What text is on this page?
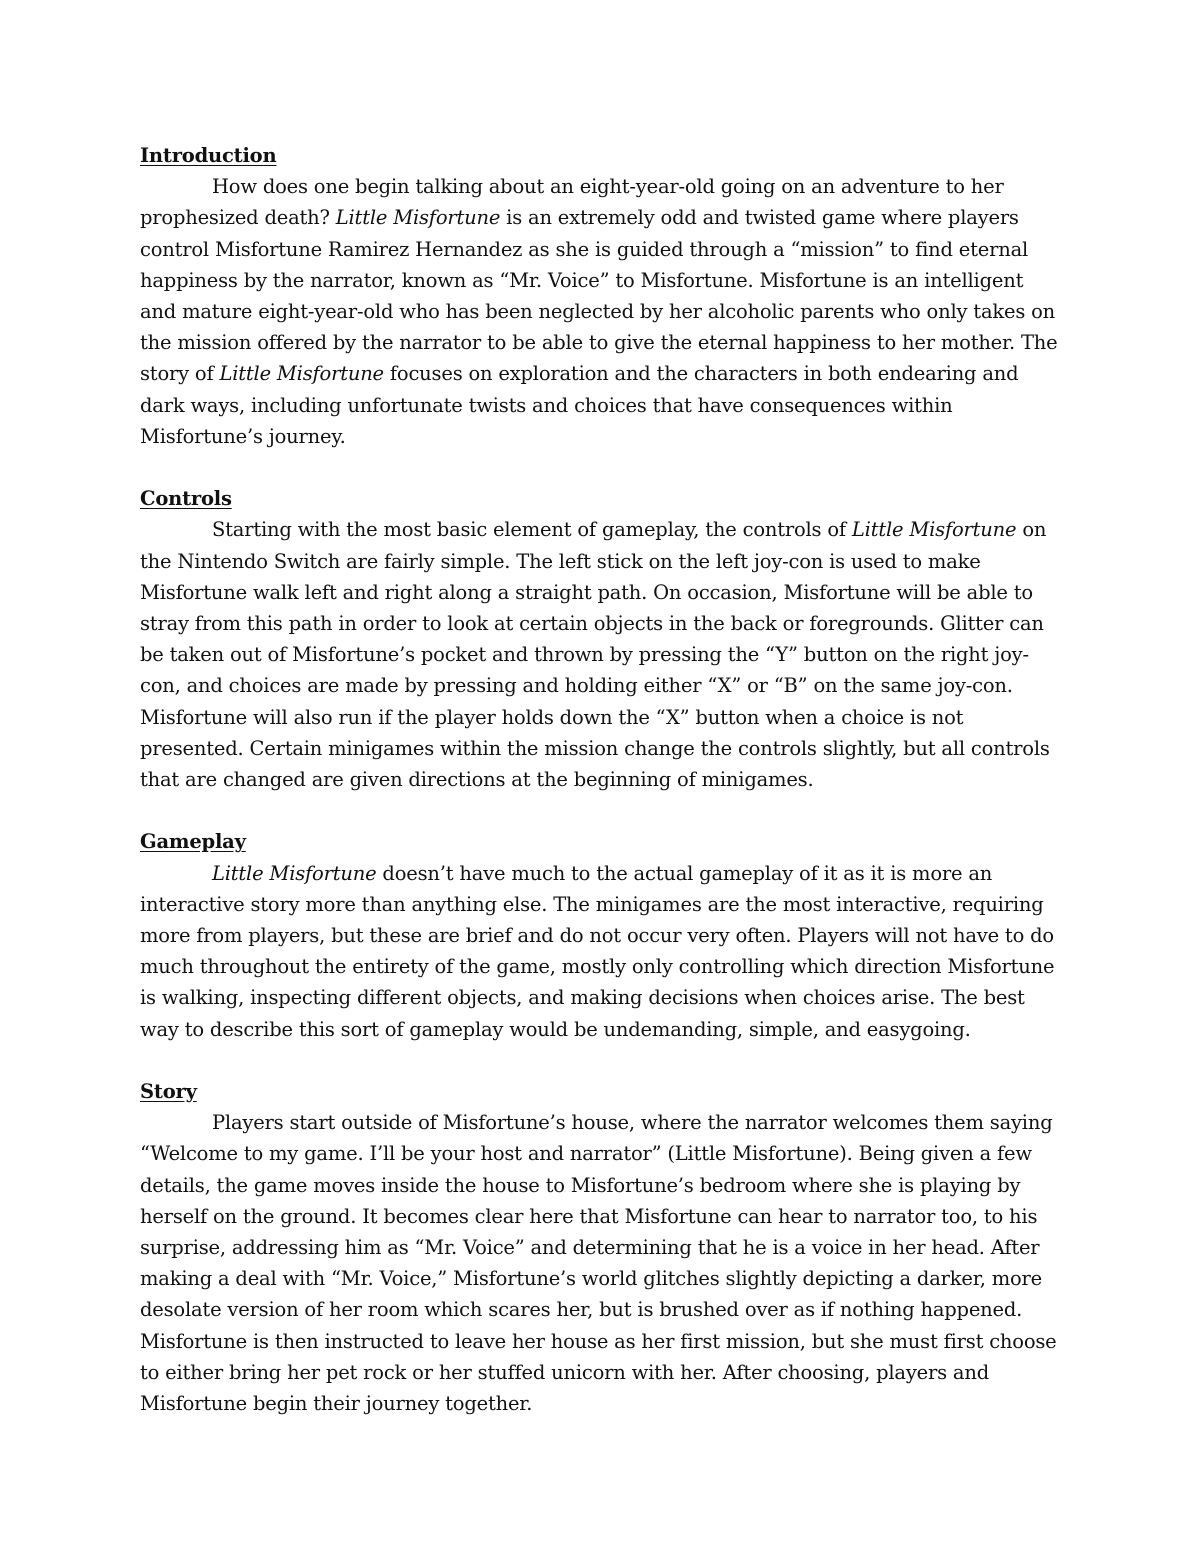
Introduction

How does one begin talking about an eight-year-old going on an adventure to her prophesized death? Little Misfortune is an extremely odd and twisted game where players control Misfortune Ramirez Hernandez as she is guided through a “mission” to find eternal happiness by the narrator, known as “Mr. Voice” to Misfortune. Misfortune is an intelligent and mature eight-year-old who has been neglected by her alcoholic parents who only takes on the mission offered by the narrator to be able to give the eternal happiness to her mother. The story of Little Misfortune focuses on exploration and the characters in both endearing and dark ways, including unfortunate twists and choices that have consequences within Misfortune’s journey.

Controls

Starting with the most basic element of gameplay, the controls of Little Misfortune on the Nintendo Switch are fairly simple. The left stick on the left joy-con is used to make Misfortune walk left and right along a straight path. On occasion, Misfortune will be able to stray from this path in order to look at certain objects in the back or foregrounds. Glitter can be taken out of Misfortune’s pocket and thrown by pressing the “Y” button on the right joy-con, and choices are made by pressing and holding either “X” or “B” on the same joy-con. Misfortune will also run if the player holds down the “X” button when a choice is not presented. Certain minigames within the mission change the controls slightly, but all controls that are changed are given directions at the beginning of minigames.

Gameplay

Little Misfortune doesn’t have much to the actual gameplay of it as it is more an interactive story more than anything else. The minigames are the most interactive, requiring more from players, but these are brief and do not occur very often. Players will not have to do much throughout the entirety of the game, mostly only controlling which direction Misfortune is walking, inspecting different objects, and making decisions when choices arise. The best way to describe this sort of gameplay would be undemanding, simple, and easygoing.

Story

Players start outside of Misfortune’s house, where the narrator welcomes them saying “Welcome to my game. I’ll be your host and narrator” (Little Misfortune). Being given a few details, the game moves inside the house to Misfortune’s bedroom where she is playing by herself on the ground. It becomes clear here that Misfortune can hear to narrator too, to his surprise, addressing him as “Mr. Voice” and determining that he is a voice in her head. After making a deal with “Mr. Voice,” Misfortune’s world glitches slightly depicting a darker, more desolate version of her room which scares her, but is brushed over as if nothing happened. Misfortune is then instructed to leave her house as her first mission, but she must first choose to either bring her pet rock or her stuffed unicorn with her. After choosing, players and Misfortune begin their journey together.
